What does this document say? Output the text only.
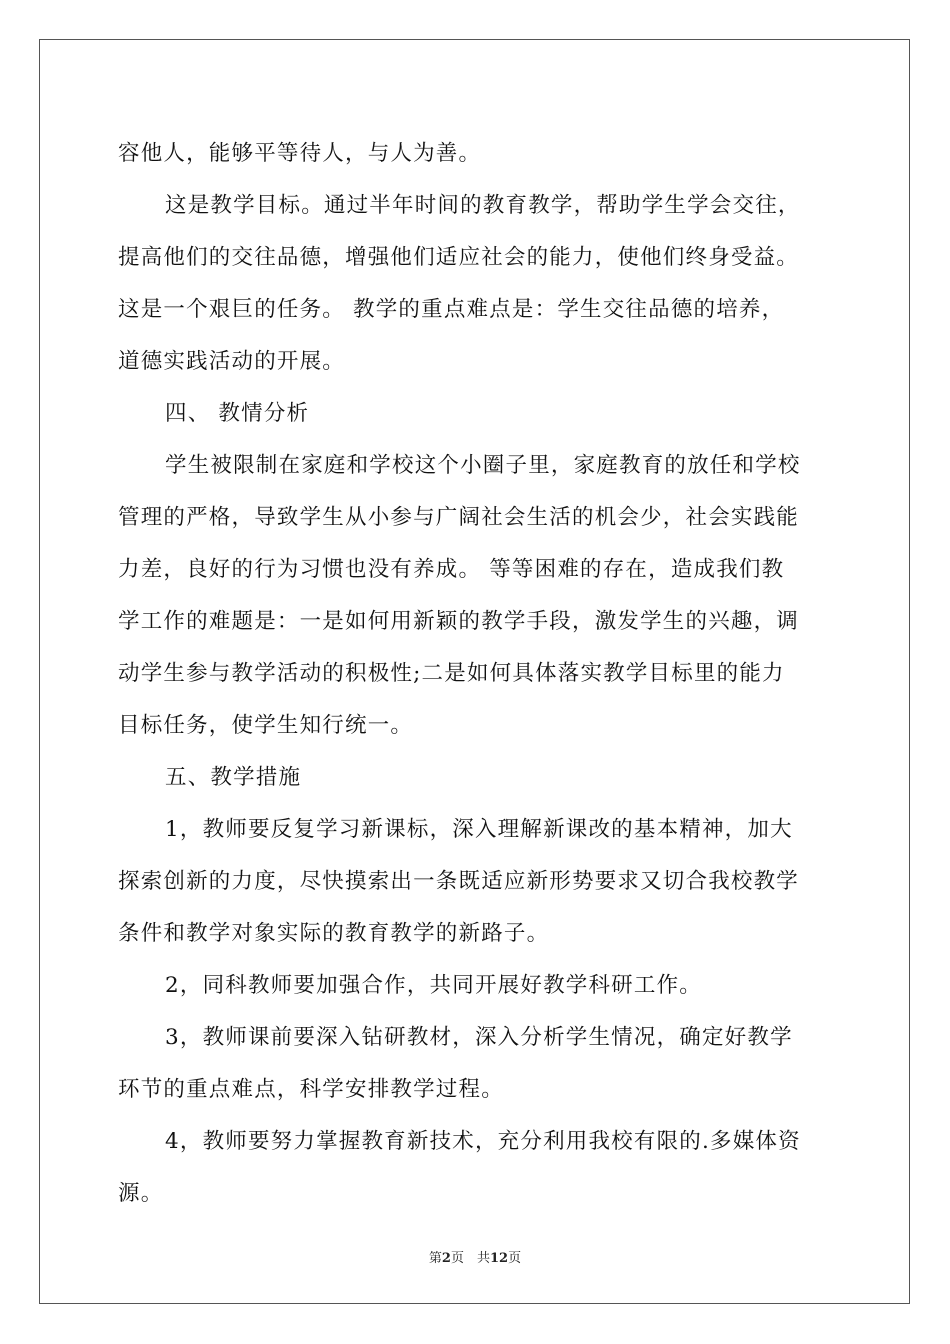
容他人，能够平等待人，与人为善。
这是教学目标。通过半年时间的教育教学，帮助学生学会交往，
提高他们的交往品德，增强他们适应社会的能力，使他们终身受益。
这是一个艰巨的任务。 教学的重点难点是：学生交往品德的培养，
道德实践活动的开展。
四、 教情分析
学生被限制在家庭和学校这个小圈子里，家庭教育的放任和学校
管理的严格，导致学生从小参与广阔社会生活的机会少，社会实践能
力差，良好的行为习惯也没有养成。 等等困难的存在，造成我们教
学工作的难题是：一是如何用新颖的教学手段，激发学生的兴趣，调
动学生参与教学活动的积极性;二是如何具体落实教学目标里的能力
目标任务，使学生知行统一。
五、教学措施
1，教师要反复学习新课标，深入理解新课改的基本精神，加大
探索创新的力度，尽快摸索出一条既适应新形势要求又切合我校教学
条件和教学对象实际的教育教学的新路子。
2，同科教师要加强合作，共同开展好教学科研工作。
3，教师课前要深入钻研教材，深入分析学生情况，确定好教学
环节的重点难点，科学安排教学过程。
4，教师要努力掌握教育新技术，充分利用我校有限的.多媒体资
源。
第2页　共12页
